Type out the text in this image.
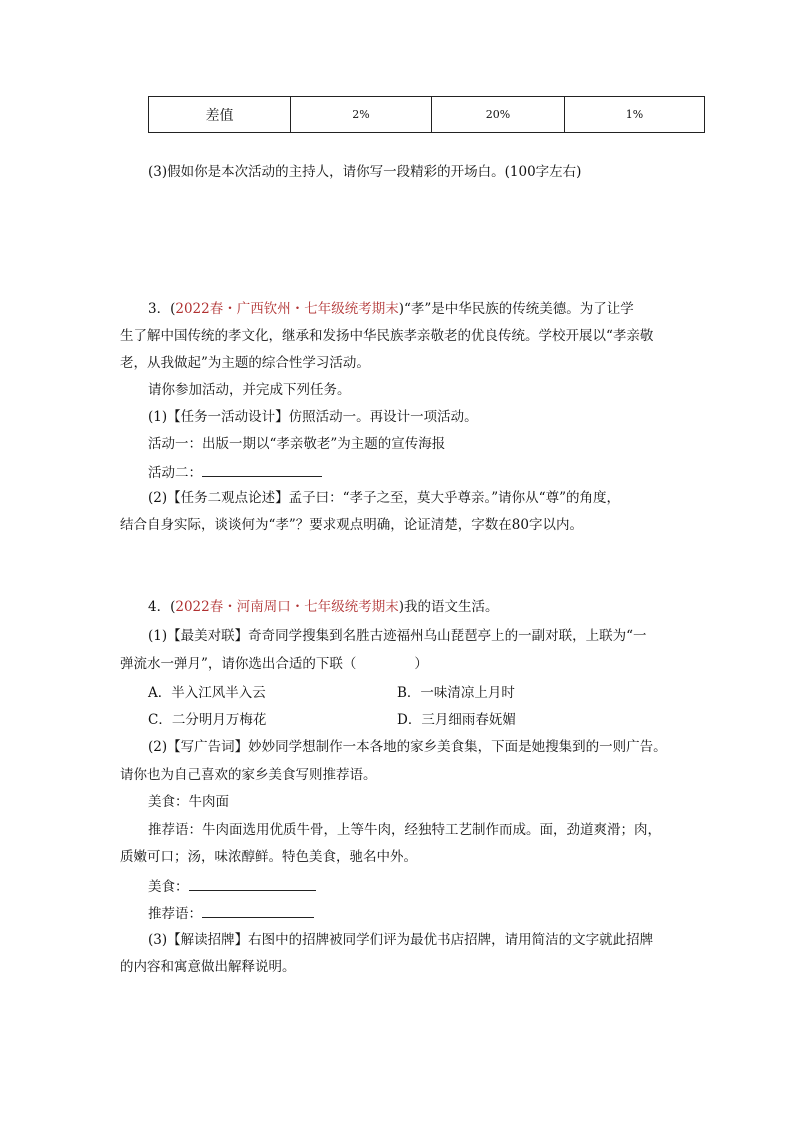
差值	2%	20%	1%
(3)假如你是本次活动的主持人，请你写一段精彩的开场白。(100字左右)
3．(2022春・广西钦州・七年级统考期末)“孝”是中华民族的传统美德。为了让学
生了解中国传统的孝文化，继承和发扬中华民族孝亲敬老的优良传统。学校开展以“孝亲敬
老，从我做起”为主题的综合性学习活动。
请你参加活动，并完成下列任务。
(1)【任务一活动设计】仿照活动一。再设计一项活动。
活动一：出版一期以“孝亲敬老”为主题的宣传海报
活动二：
(2)【任务二观点论述】孟子曰：“孝子之至，莫大乎尊亲。”请你从“尊”的角度，
结合自身实际，谈谈何为“孝”？要求观点明确，论证清楚，字数在80字以内。
4．(2022春・河南周口・七年级统考期末)我的语文生活。
(1)【最美对联】奇奇同学搜集到名胜古迹福州乌山琵琶亭上的一副对联，上联为“一
弹流水一弹月”，请你选出合适的下联（	）
A．半入江风半入云	B．一味清凉上月时
C．二分明月万梅花	D．三月细雨春妩媚
(2)【写广告词】妙妙同学想制作一本各地的家乡美食集，下面是她搜集到的一则广告。
请你也为自己喜欢的家乡美食写则推荐语。
美食：牛肉面
推荐语：牛肉面选用优质牛骨，上等牛肉，经独特工艺制作而成。面，劲道爽滑；肉，
质嫩可口；汤，味浓醇鲜。特色美食，驰名中外。
美食：
推荐语：
(3)【解读招牌】右图中的招牌被同学们评为最优书店招牌，请用简洁的文字就此招牌
的内容和寓意做出解释说明。
